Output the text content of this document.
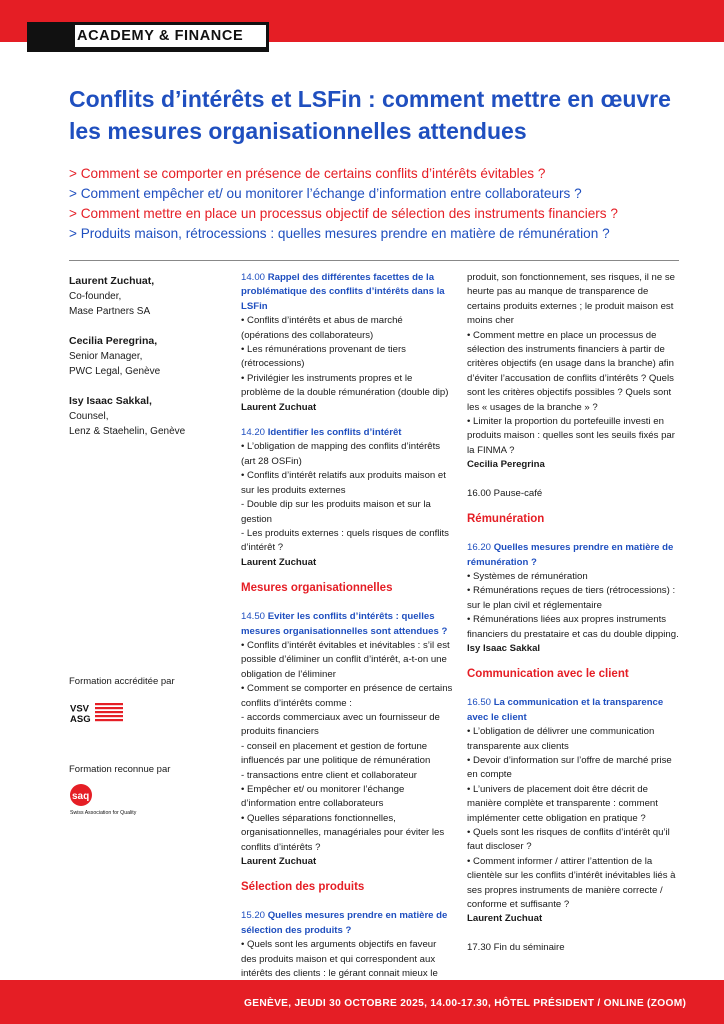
ACADEMY & FINANCE
Conflits d’intérêts et LSFin : comment mettre en œuvre les mesures organisationnelles attendues
> Comment se comporter en présence de certains conflits d’intérêts évitables ?
> Comment empêcher et/ ou monitorer l’échange d’information entre collaborateurs ?
> Comment mettre en place un processus objectif de sélection des instruments financiers ?
> Produits maison, rétrocessions : quelles mesures prendre en matière de rémunération ?
Laurent Zuchuat,
Co-founder,
Mase Partners SA
Cecilia Peregrina,
Senior Manager,
PWC Legal, Genève
Isy Isaac Sakkal,
Counsel,
Lenz & Staehelin, Genève
Formation accréditée par
VSV
ASG
Formation reconnue par
saq
Swiss Association for Quality
14.00 Rappel des différentes facettes de la problématique des conflits d’intérêts dans la LSFin
• Conflits d’intérêts et abus de marché (opérations des collaborateurs)
• Les rémunérations provenant de tiers (rétrocessions)
• Privilégier les instruments propres et le problème de la double rémunération (double dip)
Laurent Zuchuat
14.20 Identifier les conflits d’intérêt
• L’obligation de mapping des conflits d’intérêts (art 28 OSFin)
• Conflits d’intérêt relatifs aux produits maison et sur les produits externes
- Double dip sur les produits maison et sur la gestion
- Les produits externes : quels risques de conflits d’intérêt ?
Laurent Zuchuat
Mesures organisationnelles
14.50 Eviter les conflits d’intérêts : quelles mesures organisationnelles sont attendues ?
• Conflits d’intérêt évitables et inévitables : s’il est possible d’éliminer un conflit d’intérêt, a-t-on une obligation de l’éliminer
• Comment se comporter en présence de certains conflits d’intérêts comme :
- accords commerciaux avec un fournisseur de produits financiers
- conseil en placement et gestion de fortune influencés par une politique de rémunération
- transactions entre client et collaborateur
• Empêcher et/ ou monitorer l’échange d’information entre collaborateurs
• Quelles séparations fonctionnelles, organisationnelles, managériales pour éviter les conflits d’intérêts ?
Laurent Zuchuat
Sélection des produits
15.20 Quelles mesures prendre en matière de sélection des produits ?
• Quels sont les arguments objectifs en faveur des produits maison et qui correspondent aux intérêts des clients : le gérant connait mieux le
produit, son fonctionnement, ses risques, il ne se heurte pas au manque de transparence de certains produits externes ; le produit maison est moins cher
• Comment mettre en place un processus de sélection des instruments financiers à partir de critères objectifs (en usage dans la branche) afin d’éviter l’accusation de conflits d’intérêts ? Quels sont les critères objectifs possibles ? Quels sont les « usages de la branche » ?
• Limiter la proportion du portefeuille investi en produits maison : quelles sont les seuils fixés par la FINMA ?
Cecilia Peregrina
16.00 Pause-café
Rémunération
16.20 Quelles mesures prendre en matière de rémunération ?
• Systèmes de rémunération
• Rémunérations reçues de tiers (rétrocessions) : sur le plan civil et réglementaire
• Rémunérations liées aux propres instruments financiers du prestataire et cas du double dipping.
Isy Isaac Sakkal
Communication avec le client
16.50 La communication et la transparence avec le client
• L’obligation de délivrer une communication transparente aux clients
• Devoir d’information sur l’offre de marché prise en compte
• L’univers de placement doit être décrit de manière complète et transparente : comment implémenter cette obligation en pratique ?
• Quels sont les risques de conflits d’intérêt qu’il faut discloser ?
• Comment informer / attirer l’attention de la clientèle sur les conflits d’intérêt inévitables liés à ses propres instruments de manière correcte / conforme et suffisante ?
Laurent Zuchuat
17.30 Fin du séminaire
GENÈVE, JEUDI 30 OCTOBRE 2025, 14.00-17.30, HÔTEL PRÉSIDENT / ONLINE (ZOOM)
